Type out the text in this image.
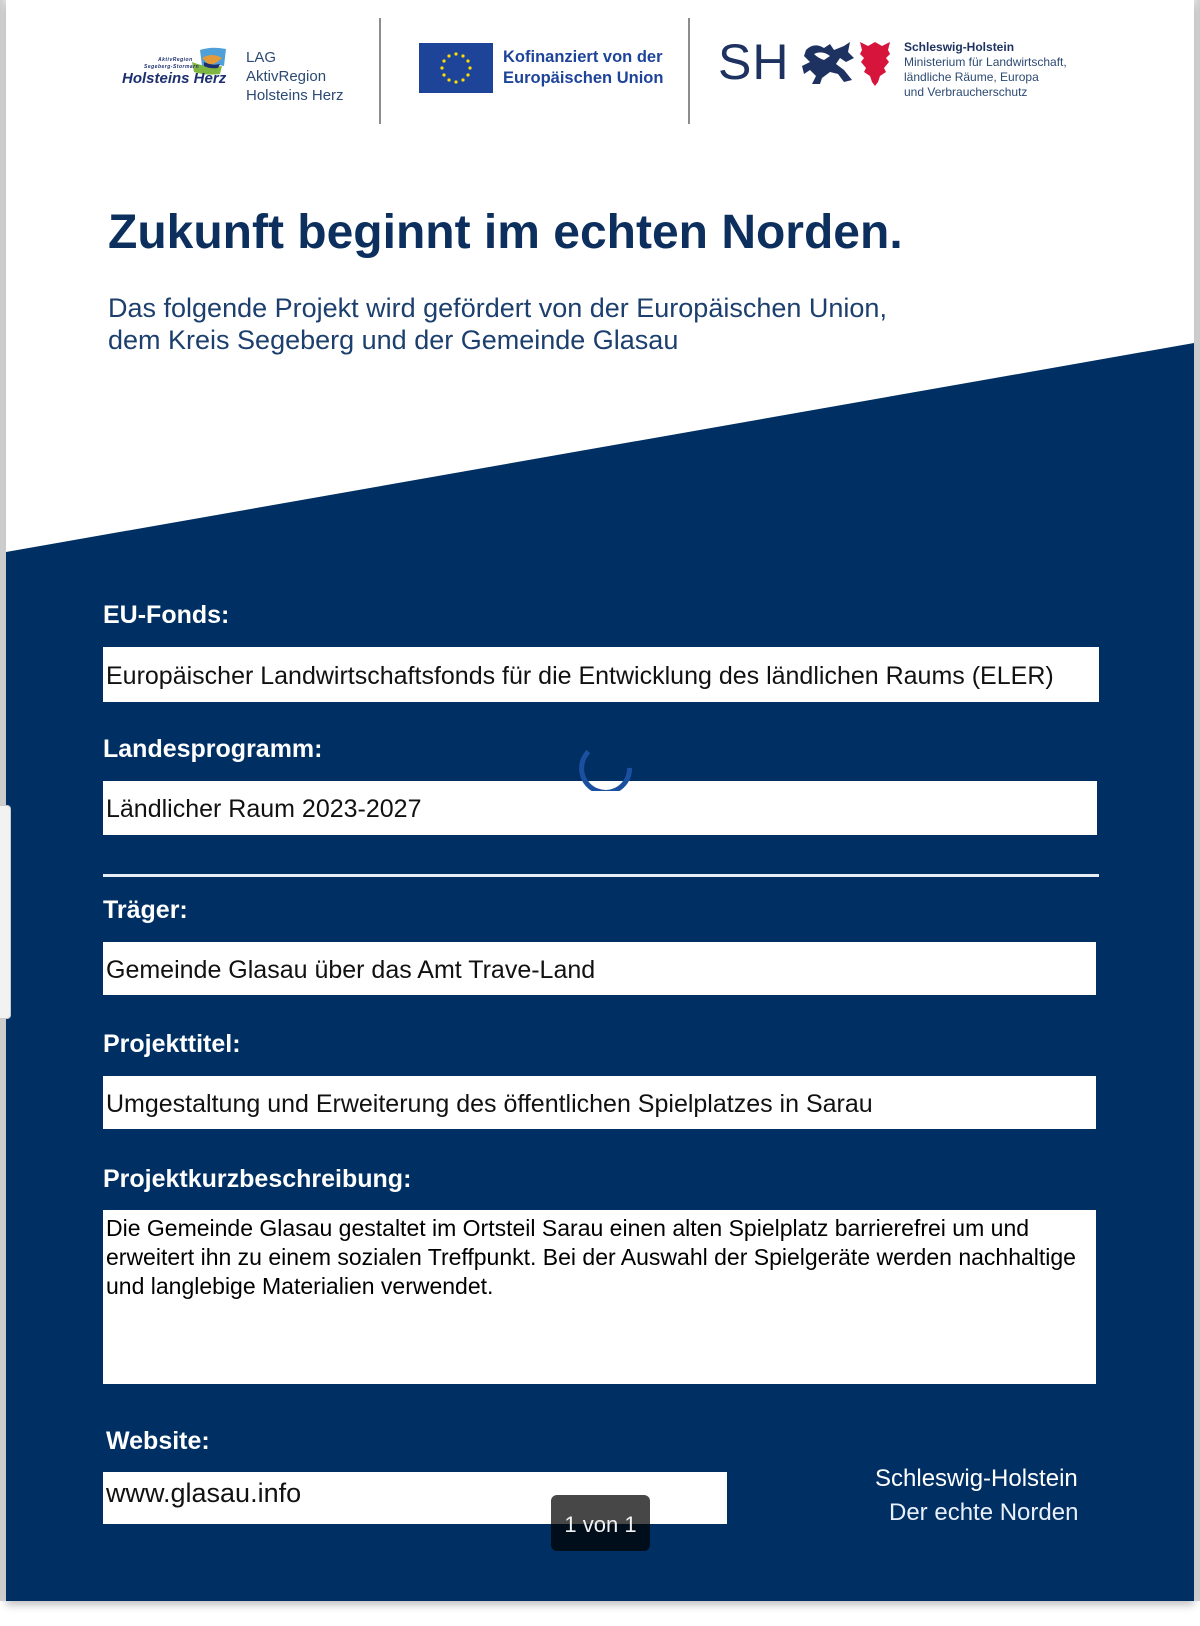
AktivRegion
Segeberg-Stormarn
Holsteins Herz
LAG
AktivRegion
Holsteins Herz
Kofinanziert von der
Europäischen Union SH	Schleswig-Holstein
Ministerium für Landwirtschaft,
ländliche Räume, Europa
und Verbraucherschutz
Zukunft beginnt im echten Norden.
Das folgende Projekt wird gefördert von der Europäischen Union,
dem Kreis Segeberg und der Gemeinde Glasau
EU-Fonds:
Europäischer Landwirtschaftsfonds für die Entwicklung des ländlichen Raums (ELER)
Landesprogramm:
Ländlicher Raum 2023-2027
Träger:
Gemeinde Glasau über das Amt Trave-Land
Projekttitel:
Umgestaltung und Erweiterung des öffentlichen Spielplatzes in Sarau
Projektkurzbeschreibung:
Die Gemeinde Glasau gestaltet im Ortsteil Sarau einen alten Spielplatz barrierefrei um und erweitert ihn zu einem sozialen Treffpunkt. Bei der Auswahl der Spielgeräte werden nachhaltige und langlebige Materialien verwendet.
Website:
www.glasau.info	Schleswig-Holstein
Der echte Norden
1 von 1
